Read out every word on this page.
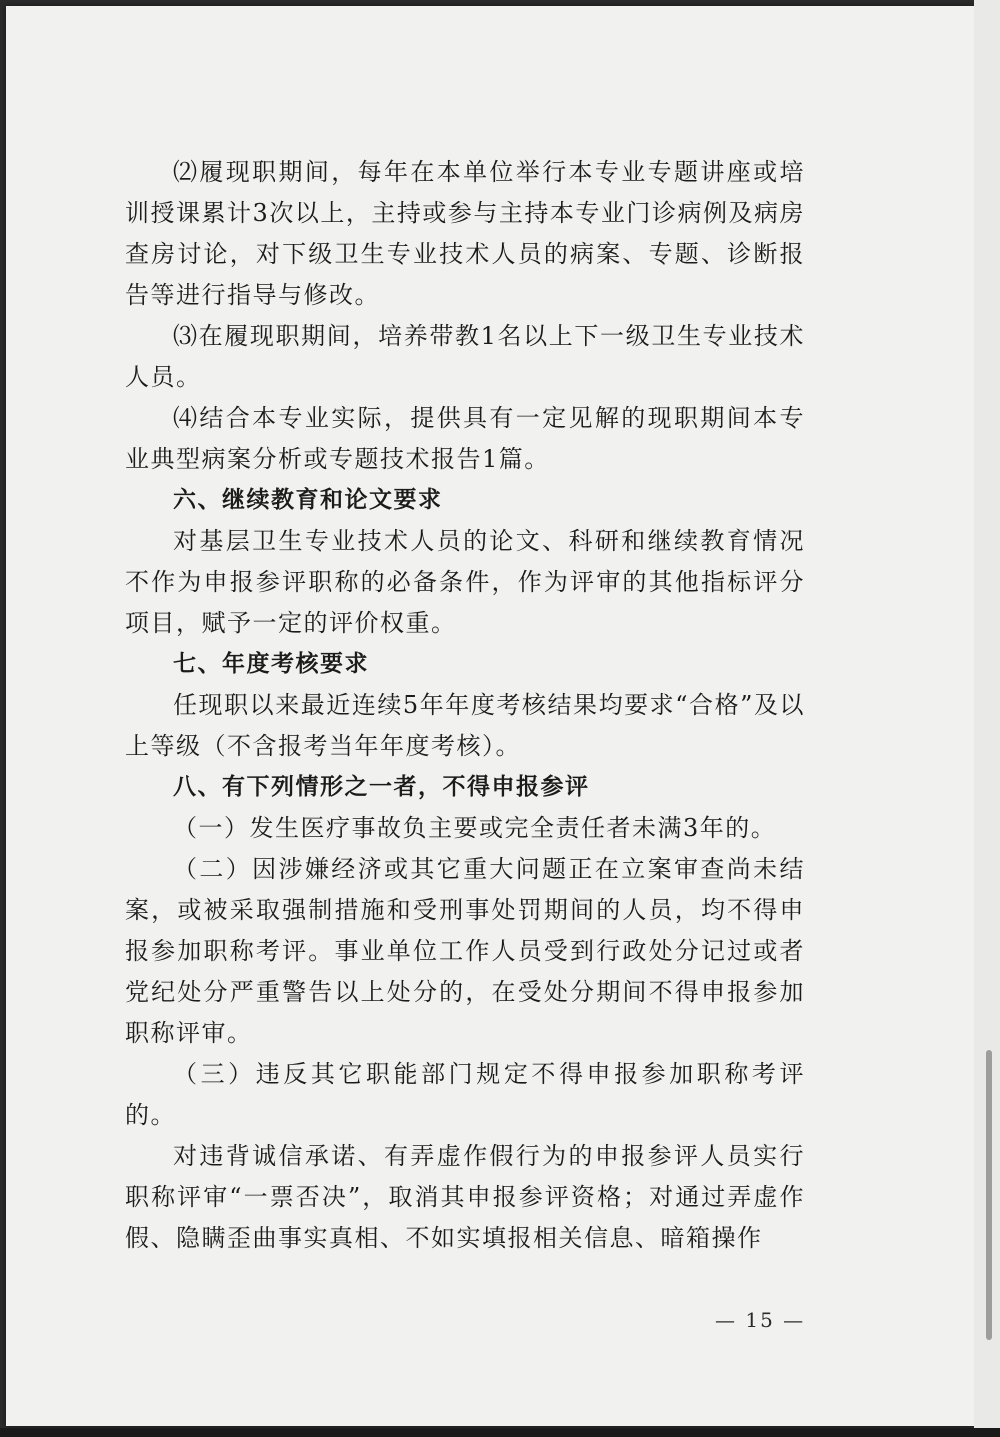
⑵履现职期间，每年在本单位举行本专业专题讲座或培训授课累计3次以上，主持或参与主持本专业门诊病例及病房查房讨论，对下级卫生专业技术人员的病案、专题、诊断报告等进行指导与修改。

⑶在履现职期间，培养带教1名以上下一级卫生专业技术人员。

⑷结合本专业实际，提供具有一定见解的现职期间本专业典型病案分析或专题技术报告1篇。

六、继续教育和论文要求

对基层卫生专业技术人员的论文、科研和继续教育情况不作为申报参评职称的必备条件，作为评审的其他指标评分项目，赋予一定的评价权重。

七、年度考核要求

任现职以来最近连续5年年度考核结果均要求“合格”及以上等级（不含报考当年年度考核）。

八、有下列情形之一者，不得申报参评

（一）发生医疗事故负主要或完全责任者未满3年的。

（二）因涉嫌经济或其它重大问题正在立案审查尚未结案，或被采取强制措施和受刑事处罚期间的人员，均不得申报参加职称考评。事业单位工作人员受到行政处分记过或者党纪处分严重警告以上处分的，在受处分期间不得申报参加职称评审。

（三）违反其它职能部门规定不得申报参加职称考评的。

对违背诚信承诺、有弄虚作假行为的申报参评人员实行职称评审“一票否决”，取消其申报参评资格；对通过弄虚作假、隐瞒歪曲事实真相、不如实填报相关信息、暗箱操作

— 15 —
